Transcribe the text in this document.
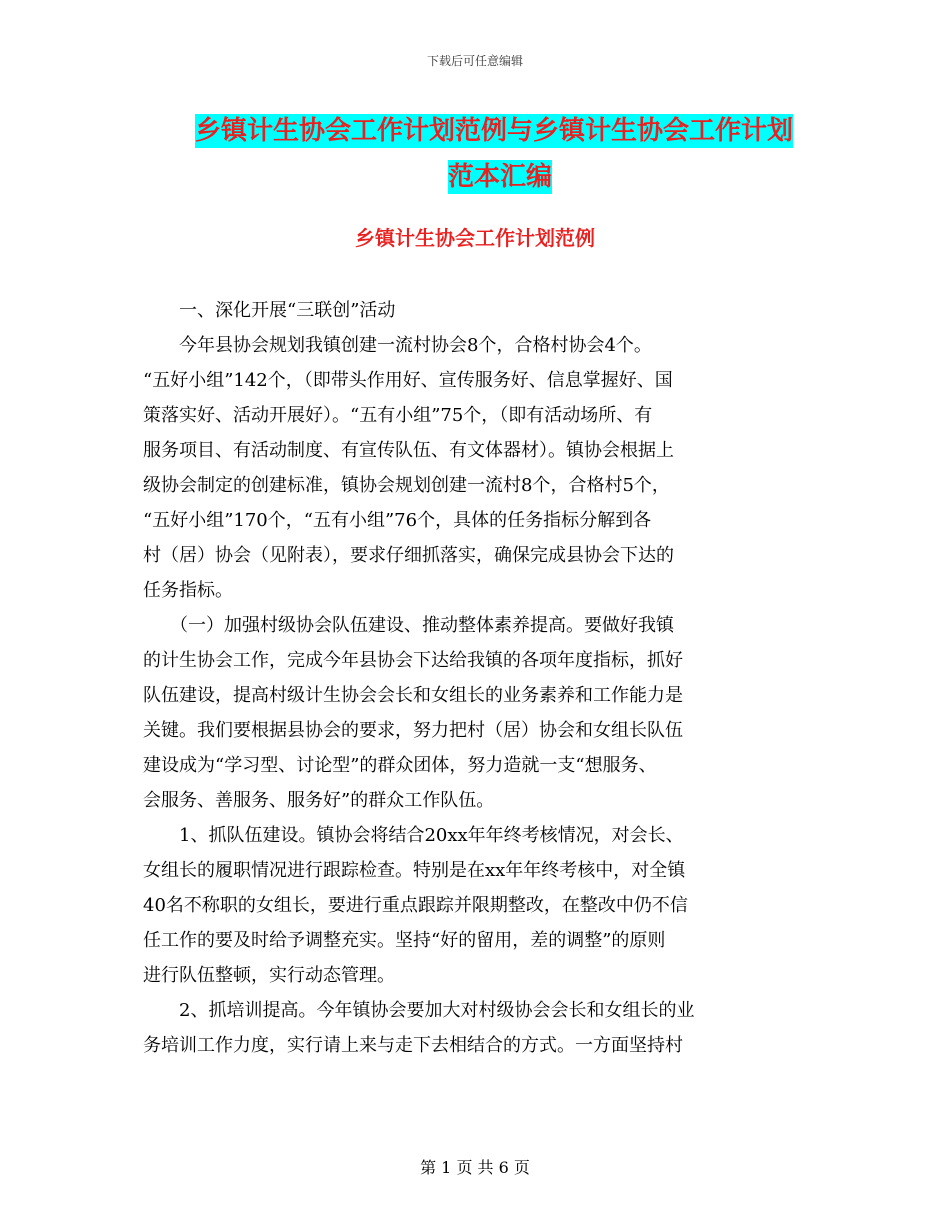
下载后可任意编辑
乡镇计生协会工作计划范例与乡镇计生协会工作计划
范本汇编
乡镇计生协会工作计划范例

　　一、深化开展“三联创”活动

　　今年县协会规划我镇创建一流村协会8个，合格村协会4个。

“五好小组”142个，（即带头作用好、宣传服务好、信息掌握好、国

策落实好、活动开展好）。“五有小组”75个，（即有活动场所、有

服务项目、有活动制度、有宣传队伍、有文体器材）。镇协会根据上

级协会制定的创建标准，镇协会规划创建一流村8个，合格村5个，

“五好小组”170个，“五有小组”76个，具体的任务指标分解到各

村（居）协会（见附表），要求仔细抓落实，确保完成县协会下达的

任务指标。

　　（一）加强村级协会队伍建设、推动整体素养提高。要做好我镇

的计生协会工作，完成今年县协会下达给我镇的各项年度指标，抓好

队伍建设，提高村级计生协会会长和女组长的业务素养和工作能力是

关键。我们要根据县协会的要求，努力把村（居）协会和女组长队伍

建设成为“学习型、讨论型”的群众团体，努力造就一支“想服务、

会服务、善服务、服务好”的群众工作队伍。

　　1、抓队伍建设。镇协会将结合20xx年年终考核情况，对会长、

女组长的履职情况进行跟踪检查。特别是在xx年年终考核中，对全镇

40名不称职的女组长，要进行重点跟踪并限期整改，在整改中仍不信

任工作的要及时给予调整充实。坚持“好的留用，差的调整”的原则

进行队伍整顿，实行动态管理。

　　2、抓培训提高。今年镇协会要加大对村级协会会长和女组长的业

务培训工作力度，实行请上来与走下去相结合的方式。一方面坚持村

第 1 页 共 6 页
